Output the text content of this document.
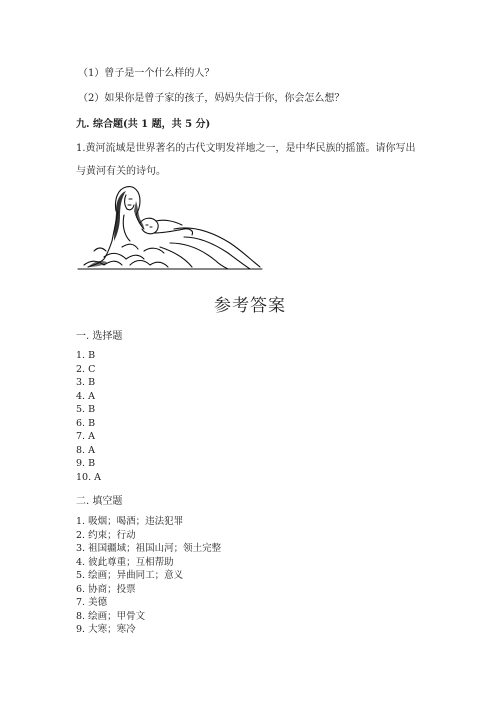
（1）曾子是一个什么样的人？
（2）如果你是曾子家的孩子，妈妈失信于你，你会怎么想？
九. 综合题(共 1 题，共 5 分)
1.黄河流域是世界著名的古代文明发祥地之一，是中华民族的摇篮。请你写出
与黄河有关的诗句。
参考答案
一. 选择题
1. B
2. C
3. B
4. A
5. B
6. B
7. A
8. A
9. B
10. A
二. 填空题
1. 吸烟；喝酒；违法犯罪
2. 约束；行动
3. 祖国疆域；祖国山河；领土完整
4. 彼此尊重；互相帮助
5. 绘画；异曲同工；意义
6. 协商；投票
7. 美德
8. 绘画；甲骨文
9. 大寒；寒冷
